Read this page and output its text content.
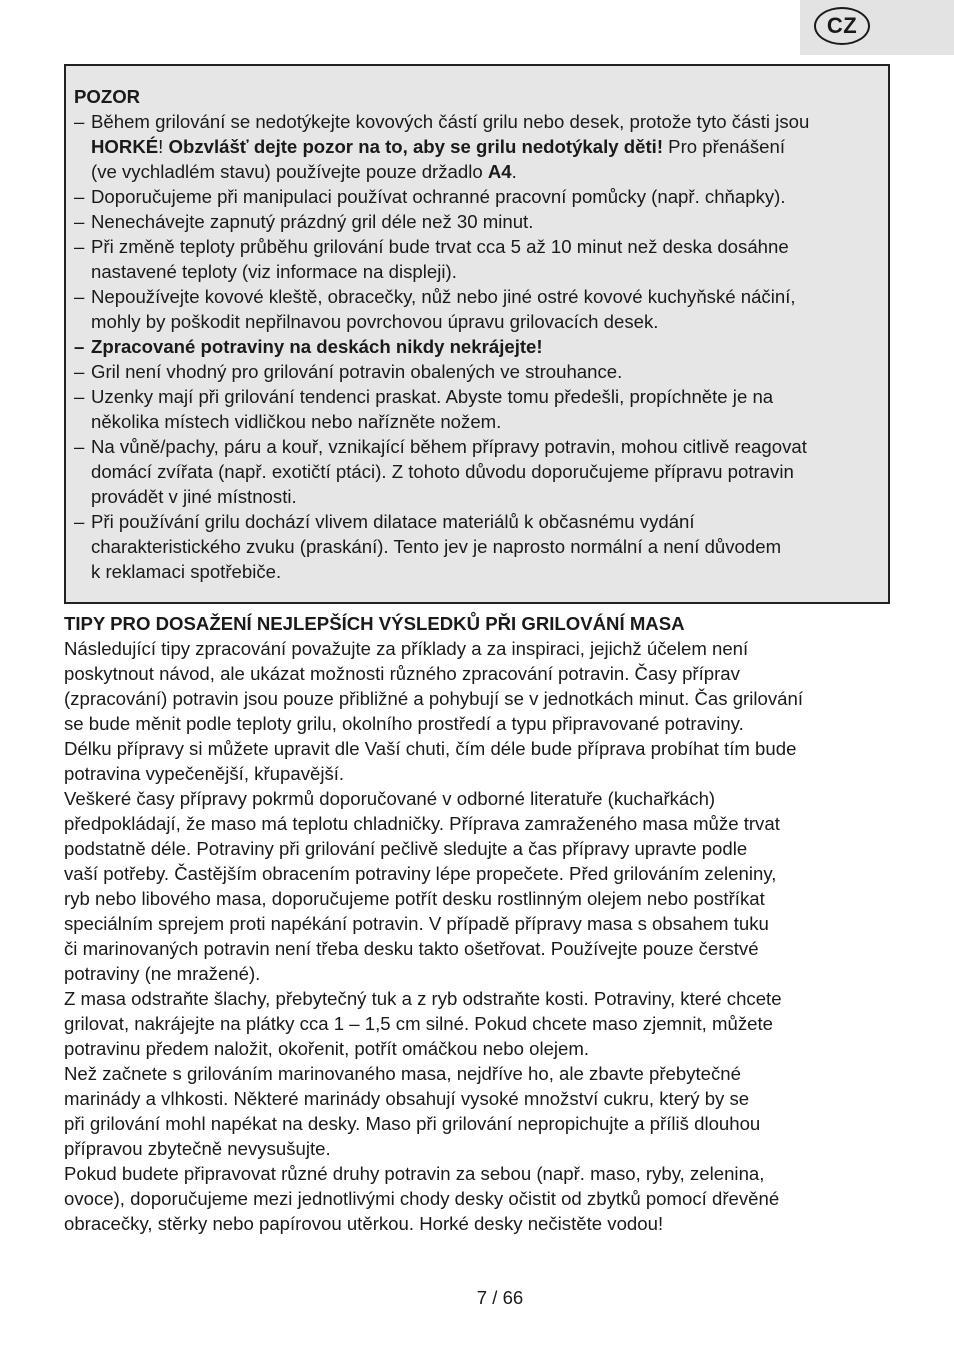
CZ
POZOR
– Během grilování se nedotýkejte kovových částí grilu nebo desek, protože tyto části jsou
HORKÉ! Obzvlášť dejte pozor na to, aby se grilu nedotýkaly děti! Pro přenášení
(ve vychladlém stavu) používejte pouze držadlo A4.
– Doporučujeme při manipulaci používat ochranné pracovní pomůcky (např. chňapky).
– Nenechávejte zapnutý prázdný gril déle než 30 minut.
– Při změně teploty průběhu grilování bude trvat cca 5 až 10 minut než deska dosáhne
nastavené teploty (viz informace na displeji).
– Nepoužívejte kovové kleště, obracečky, nůž nebo jiné ostré kovové kuchyňské náčiní,
mohly by poškodit nepřilnavou povrchovou úpravu grilovacích desek.
– Zpracované potraviny na deskách nikdy nekrájejte!
– Gril není vhodný pro grilování potravin obalených ve strouhance.
– Uzenky mají při grilování tendenci praskat. Abyste tomu předešli, propíchněte je na
několika místech vidličkou nebo nařízněte nožem.
– Na vůně/pachy, páru a kouř, vznikající během přípravy potravin, mohou citlivě reagovat
domácí zvířata (např. exotičtí ptáci). Z tohoto důvodu doporučujeme přípravu potravin
provádět v jiné místnosti.
– Při používání grilu dochází vlivem dilatace materiálů k občasnému vydání
charakteristického zvuku (praskání). Tento jev je naprosto normální a není důvodem
k reklamaci spotřebiče.
TIPY PRO DOSAŽENÍ NEJLEPŠÍCH VÝSLEDKŮ PŘI GRILOVÁNÍ MASA
Následující tipy zpracování považujte za příklady a za inspiraci, jejichž účelem není
poskytnout návod, ale ukázat možnosti různého zpracování potravin. Časy příprav
(zpracování) potravin jsou pouze přibližné a pohybují se v jednotkách minut. Čas grilování
se bude měnit podle teploty grilu, okolního prostředí a typu připravované potraviny.
Délku přípravy si můžete upravit dle Vaší chuti, čím déle bude příprava probíhat tím bude
potravina vypečenější, křupavější.
Veškeré časy přípravy pokrmů doporučované v odborné literatuře (kuchařkách)
předpokládají, že maso má teplotu chladničky. Příprava zamraženého masa může trvat
podstatně déle. Potraviny při grilování pečlivě sledujte a čas přípravy upravte podle
vaší potřeby. Častějším obracením potraviny lépe propečete. Před grilováním zeleniny,
ryb nebo libového masa, doporučujeme potřít desku rostlinným olejem nebo postříkat
speciálním sprejem proti napékání potravin. V případě přípravy masa s obsahem tuku
či marinovaných potravin není třeba desku takto ošetřovat. Používejte pouze čerstvé
potraviny (ne mražené).
Z masa odstraňte šlachy, přebytečný tuk a z ryb odstraňte kosti. Potraviny, které chcete
grilovat, nakrájejte na plátky cca 1 – 1,5 cm silné. Pokud chcete maso zjemnit, můžete
potravinu předem naložit, okořenit, potřít omáčkou nebo olejem.
Než začnete s grilováním marinovaného masa, nejdříve ho, ale zbavte přebytečné
marinády a vlhkosti. Některé marinády obsahují vysoké množství cukru, který by se
při grilování mohl napékat na desky. Maso při grilování nepropichujte a příliš dlouhou
přípravou zbytečně nevysušujte.
Pokud budete připravovat různé druhy potravin za sebou (např. maso, ryby, zelenina,
ovoce), doporučujeme mezi jednotlivými chody desky očistit od zbytků pomocí dřevěné
obracečky, stěrky nebo papírovou utěrkou. Horké desky nečistěte vodou!
7 / 66
